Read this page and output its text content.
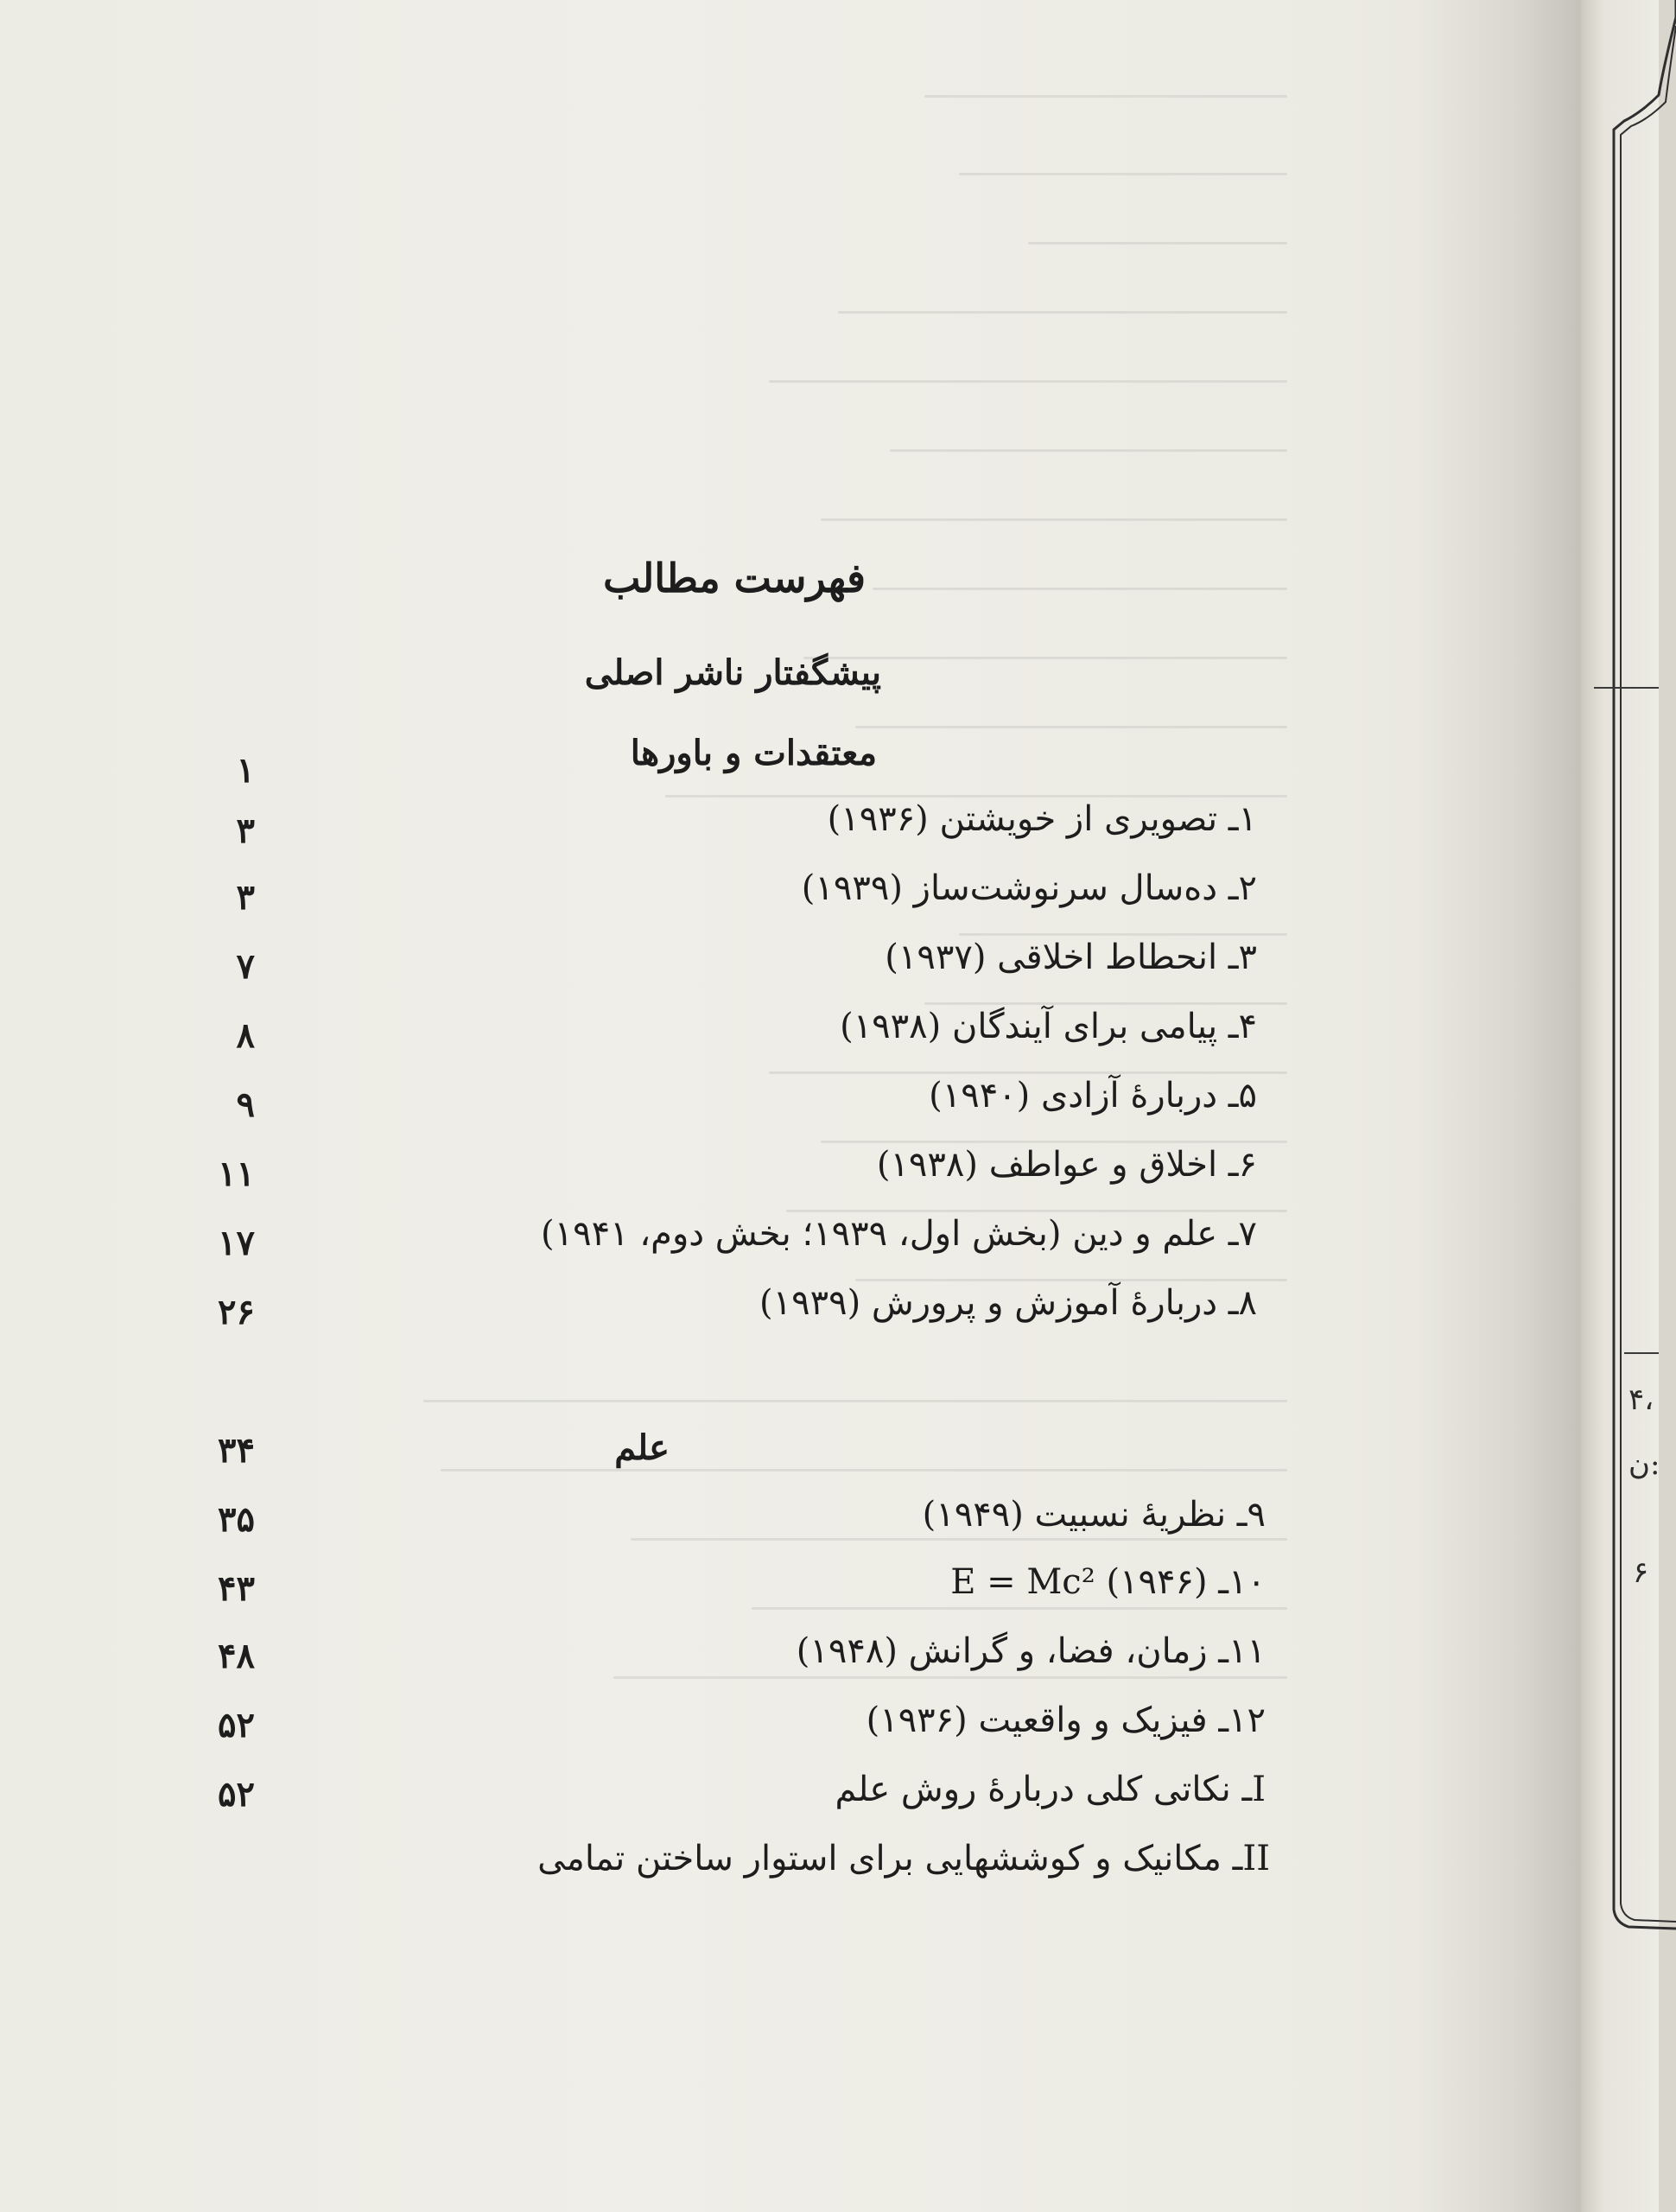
۴،
ن:
۶
فهرست مطالب
پیشگفتار ناشر اصلی
معتقدات و باورها
۱
۱ـ تصویری از خویشتن (۱۹۳۶)
۳
۲ـ ده‌سال سرنوشت‌ساز (۱۹۳۹)
۳
۳ـ انحطاط اخلاقی (۱۹۳۷)
۷
۴ـ پیامی برای آیندگان (۱۹۳۸)
۸
۵ـ دربارهٔ آزادی (۱۹۴۰)
۹
۶ـ اخلاق و عواطف (۱۹۳۸)
۱۱
۷ـ علم و دین (بخش اول، ۱۹۳۹؛ بخش دوم، ۱۹۴۱)
۱۷
۸ـ دربارهٔ آموزش و پرورش (۱۹۳۹)
۲۶
علم
۳۴
۹ـ نظریهٔ نسبیت (۱۹۴۹)
۳۵
۱۰ـ E = Mc² (۱۹۴۶)
۴۳
۱۱ـ زمان، فضا، و گرانش (۱۹۴۸)
۴۸
۱۲ـ فیزیک و واقعیت (۱۹۳۶)
۵۲
Iـ نکاتی کلی دربارهٔ روش علم
۵۲
IIـ مکانیک و کوششهایی برای استوار ساختن تمامی
